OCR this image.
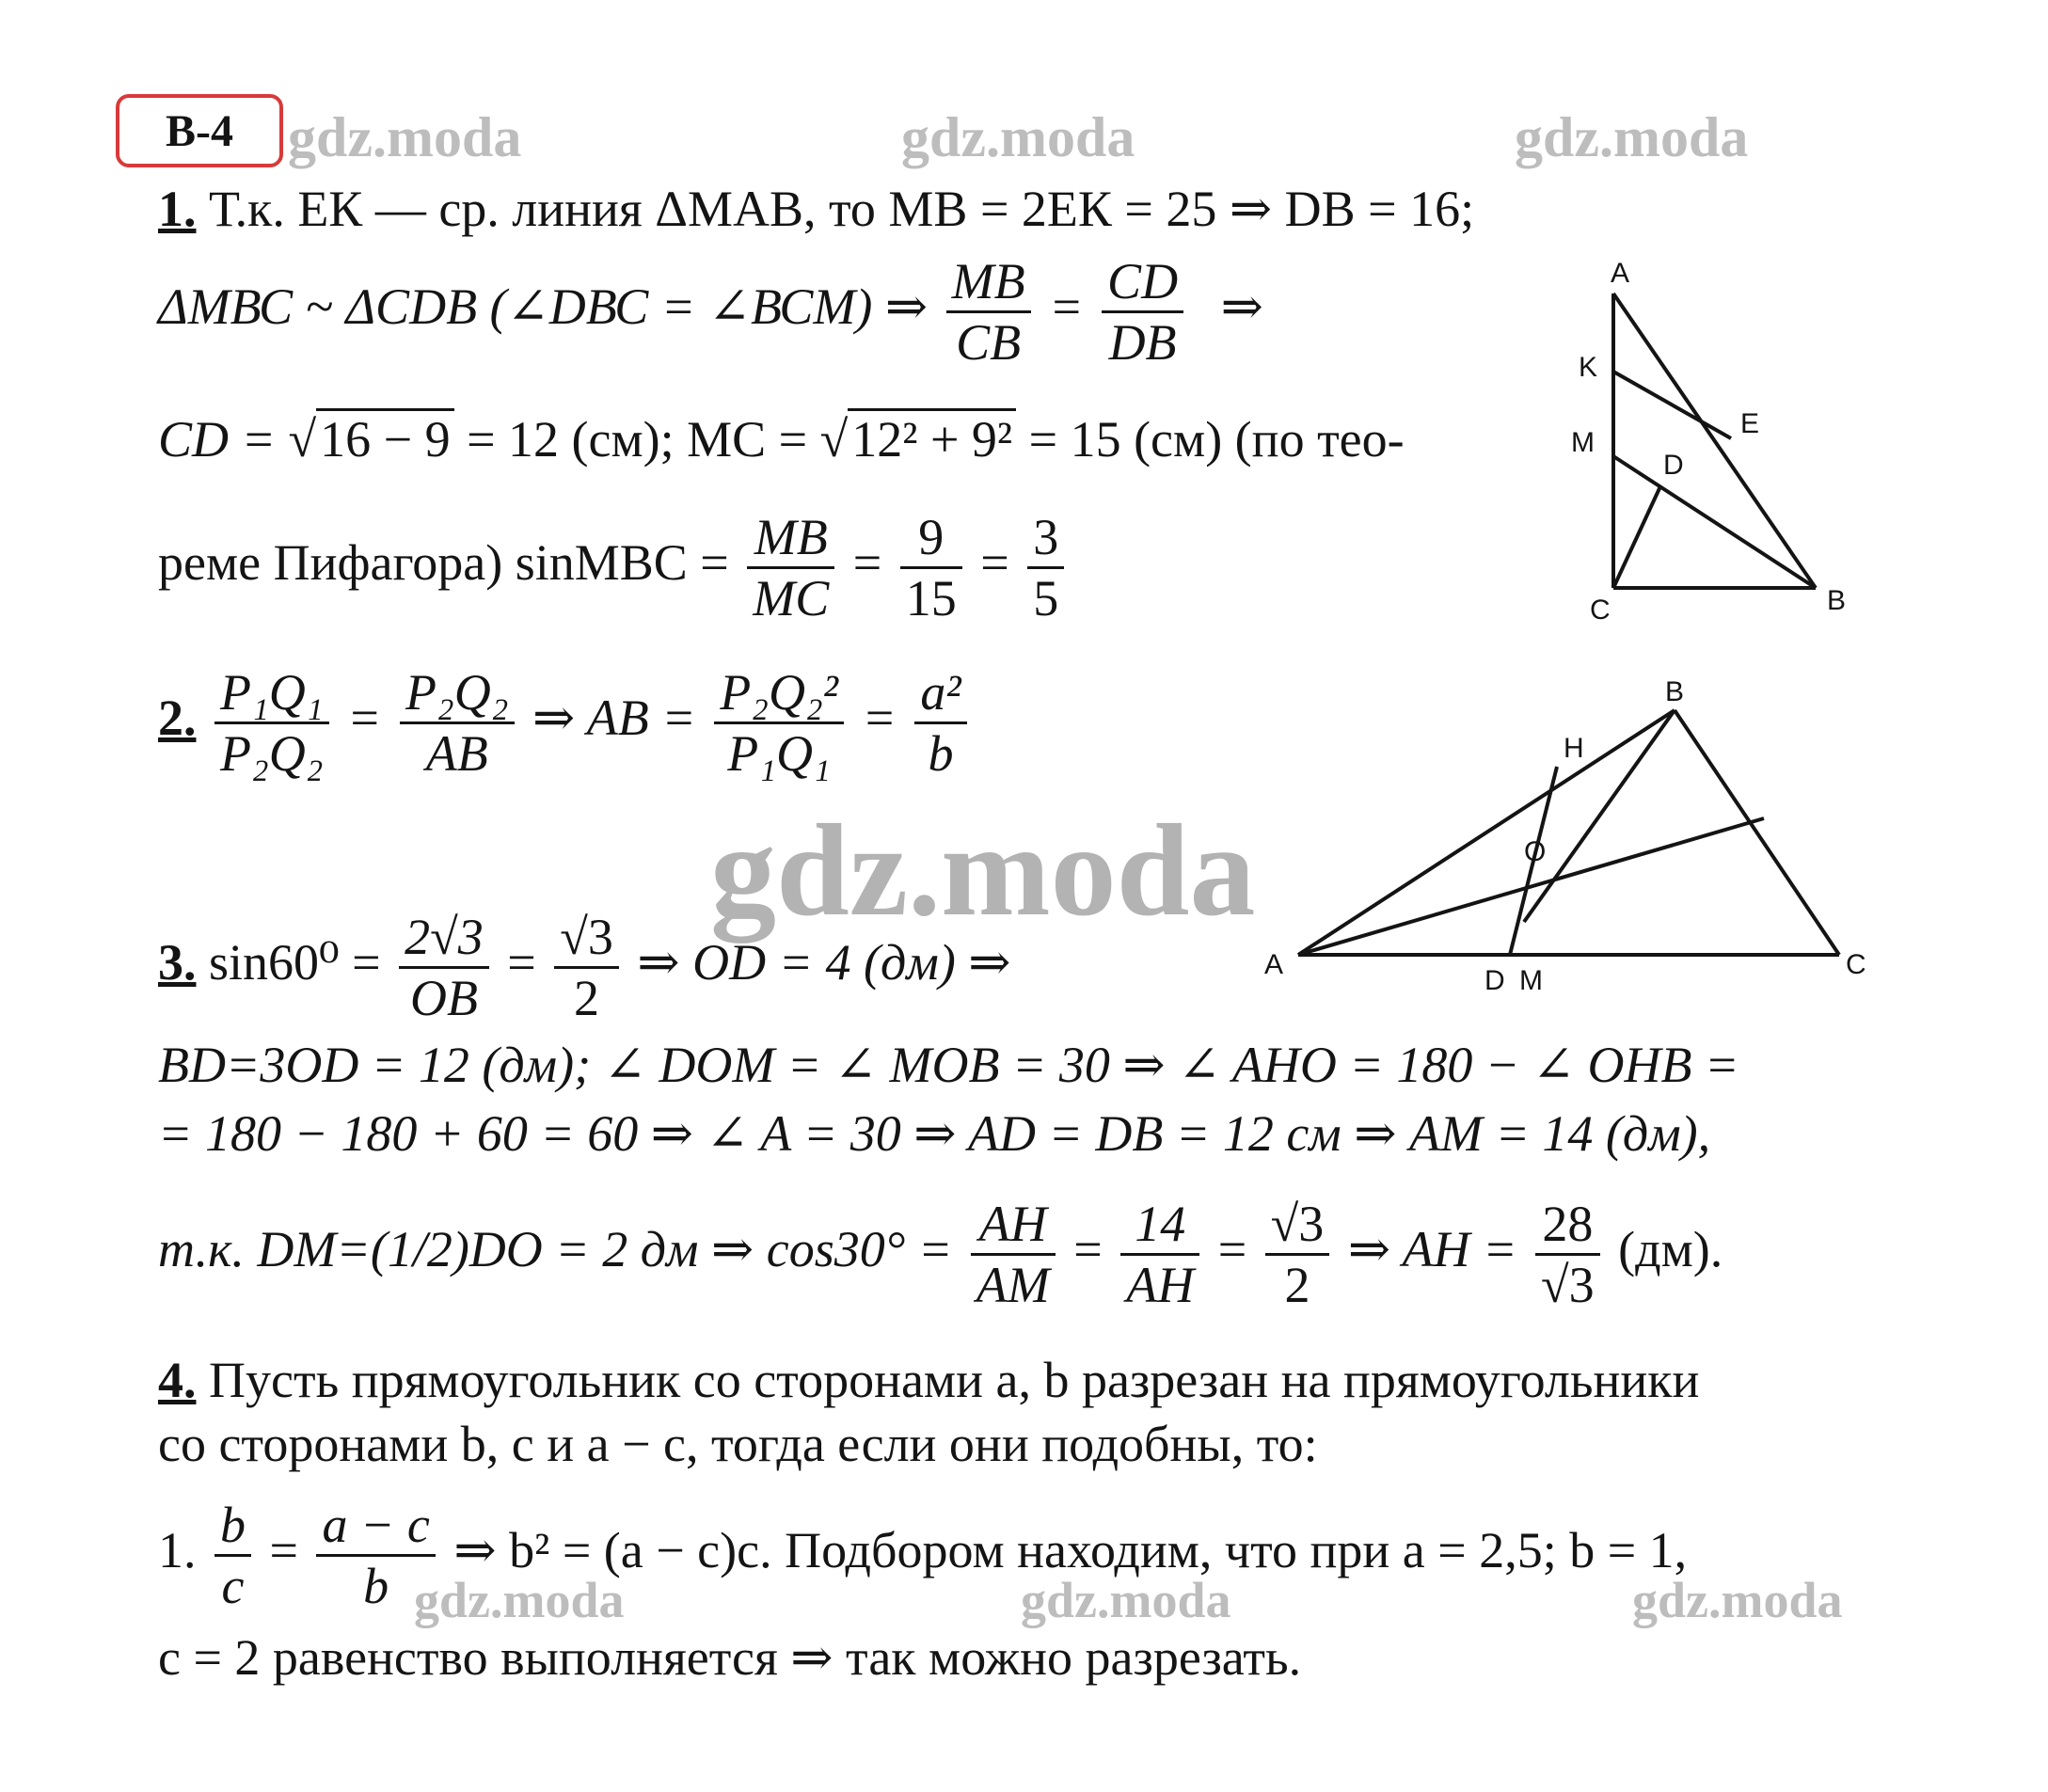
В-4 gdz.moda	gdz.moda	gdz.moda
gdz.moda
gdz.moda	gdz.moda	gdz.moda
1. Т.к. ЕК — ср. линия ΔМАВ, то МВ = 2ЕК = 25 ⇒ DВ = 16;
ΔМВС ~ ΔСDВ (∠DВС = ∠ВСМ) ⇒ $\frac{МВ}{СВ} = \frac{СD}{DВ}$ ⇒
СD = √16 − 9 = 12 (см); МС = √12² + 9² = 15 (см) (по тео-
реме Пифагора) $\sin МВС = \frac{МВ}{МС} = \frac{9}{15} = \frac{3}{5}$
A
K
E
M
D
C	B
2. $\frac{\text{P₁Q₁}}{\text{P₂Q₂}} = \frac{\text{P₂Q₂}}{AB}$ ⇒ AB = $\frac{\text{P₂Q₂²}}{\text{P₁Q₁}} = \frac{\text{a²}}{b}$	B
H
O
A
D M
C
3. $\sin 60^0 = \frac{2√3}{OB} = \frac{√3}{2}$ ⇒ OD = 4 (дм) ⇒
BD=3OD = 12 (дм); ∠ DOM = ∠ MOB = 30 ⇒ ∠ AHO = 180 − ∠ OHB =
= 180 − 180 + 60 = 60 ⇒ ∠ A = 30 ⇒ AD = DB = 12 см ⇒ AM = 14 (дм),
т.к. DM=(1/2)DO = 2 дм ⇒ $\cos 30^\circ = \frac{AH}{AM} = \frac{14}{AH} = \frac{√3}{2}$ ⇒ AH = $\frac{28}{√3} (дм)$.
4. Пусть прямоугольник со сторонами a, b разрезан на прямоугольники
со сторонами b, c и a − c, тогда если они подобны, то:
1. $\frac{b}{c} = \frac{a - c}{b}$ ⇒ b² = (a − c)c. Подбором находим, что при a = 2,5; b = 1,
c = 2 равенство выполняется ⇒ так можно разрезать.
